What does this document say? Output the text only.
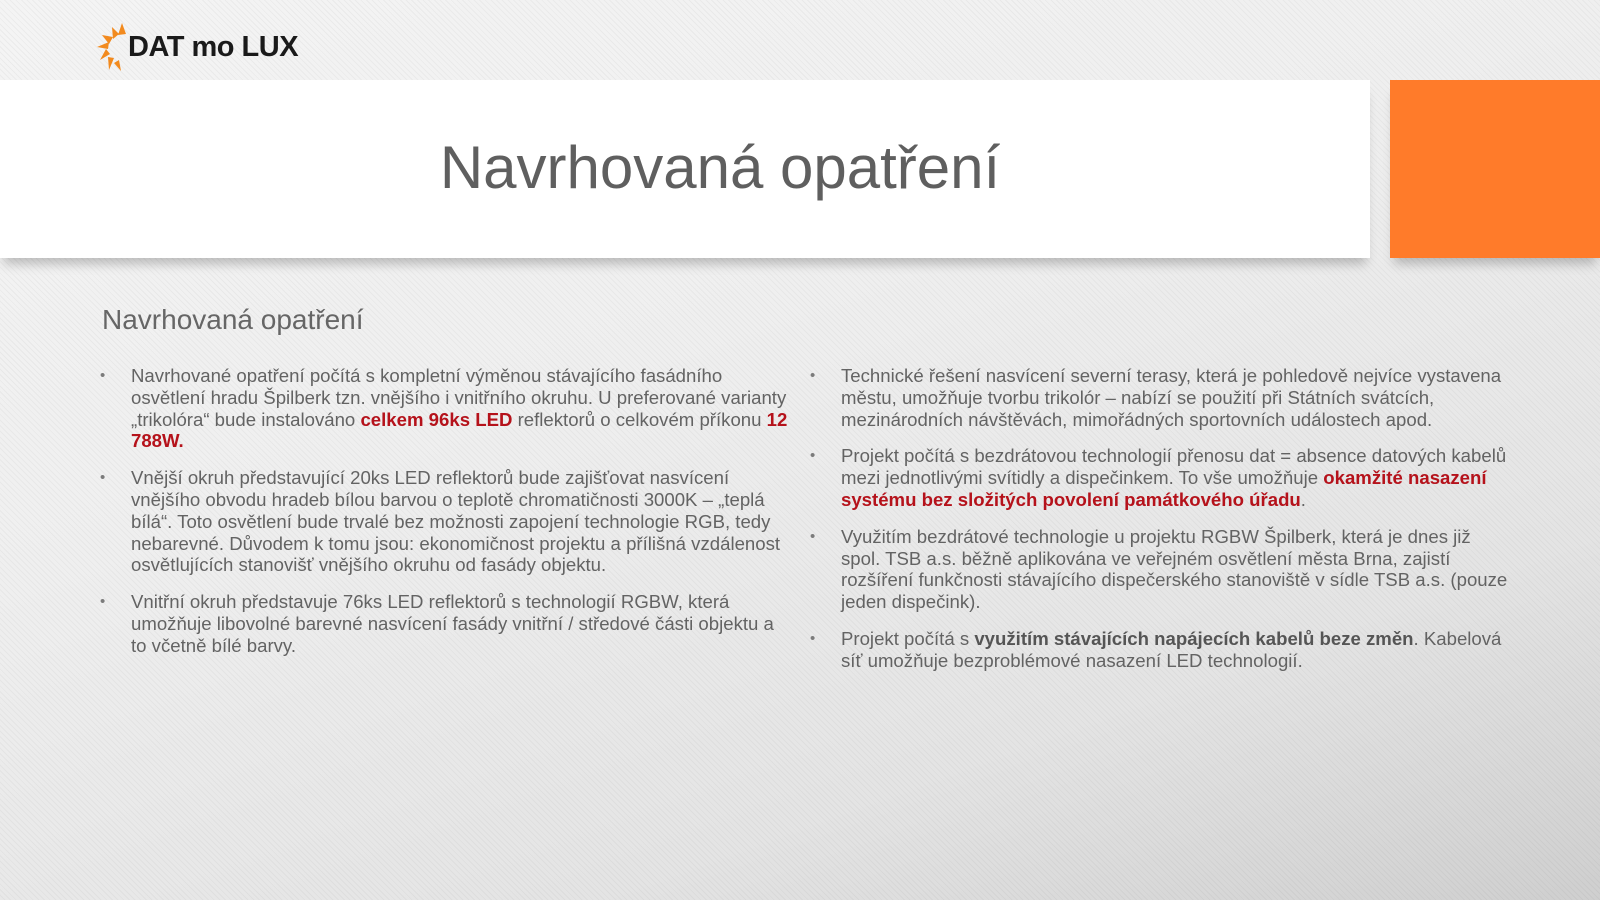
DAT mo LUX
Navrhovaná opatření
Navrhovaná opatření
• Navrhované opatření počítá s kompletní výměnou stávajícího fasádního osvětlení hradu Špilberk tzn. vnějšího i vnitřního okruhu. U preferované varianty „trikolóra“ bude instalováno celkem 96ks LED reflektorů o celkovém příkonu 12 788W.
• Vnější okruh představující 20ks LED reflektorů bude zajišťovat nasvícení vnějšího obvodu hradeb bílou barvou o teplotě chromatičnosti 3000K – „teplá bílá“. Toto osvětlení bude trvalé bez možnosti zapojení technologie RGB, tedy nebarevné. Důvodem k tomu jsou: ekonomičnost projektu a přílišná vzdálenost osvětlujících stanovišť vnějšího okruhu od fasády objektu.
• Vnitřní okruh představuje 76ks LED reflektorů s technologií RGBW, která umožňuje libovolné barevné nasvícení fasády vnitřní / středové části objektu a to včetně bílé barvy.
• Technické řešení nasvícení severní terasy, která je pohledově nejvíce vystavena městu, umožňuje tvorbu trikolór – nabízí se použití při Státních svátcích, mezinárodních návštěvách, mimořádných sportovních událostech apod.
• Projekt počítá s bezdrátovou technologií přenosu dat = absence datových kabelů mezi jednotlivými svítidly a dispečinkem. To vše umožňuje okamžité nasazení systému bez složitých povolení památkového úřadu.
• Využitím bezdrátové technologie u projektu RGBW Špilberk, která je dnes již spol. TSB a.s. běžně aplikována ve veřejném osvětlení města Brna, zajistí rozšíření funkčnosti stávajícího dispečerského stanoviště v sídle TSB a.s. (pouze jeden dispečink).
• Projekt počítá s využitím stávajících napájecích kabelů beze změn. Kabelová síť umožňuje bezproblémové nasazení LED technologií.
